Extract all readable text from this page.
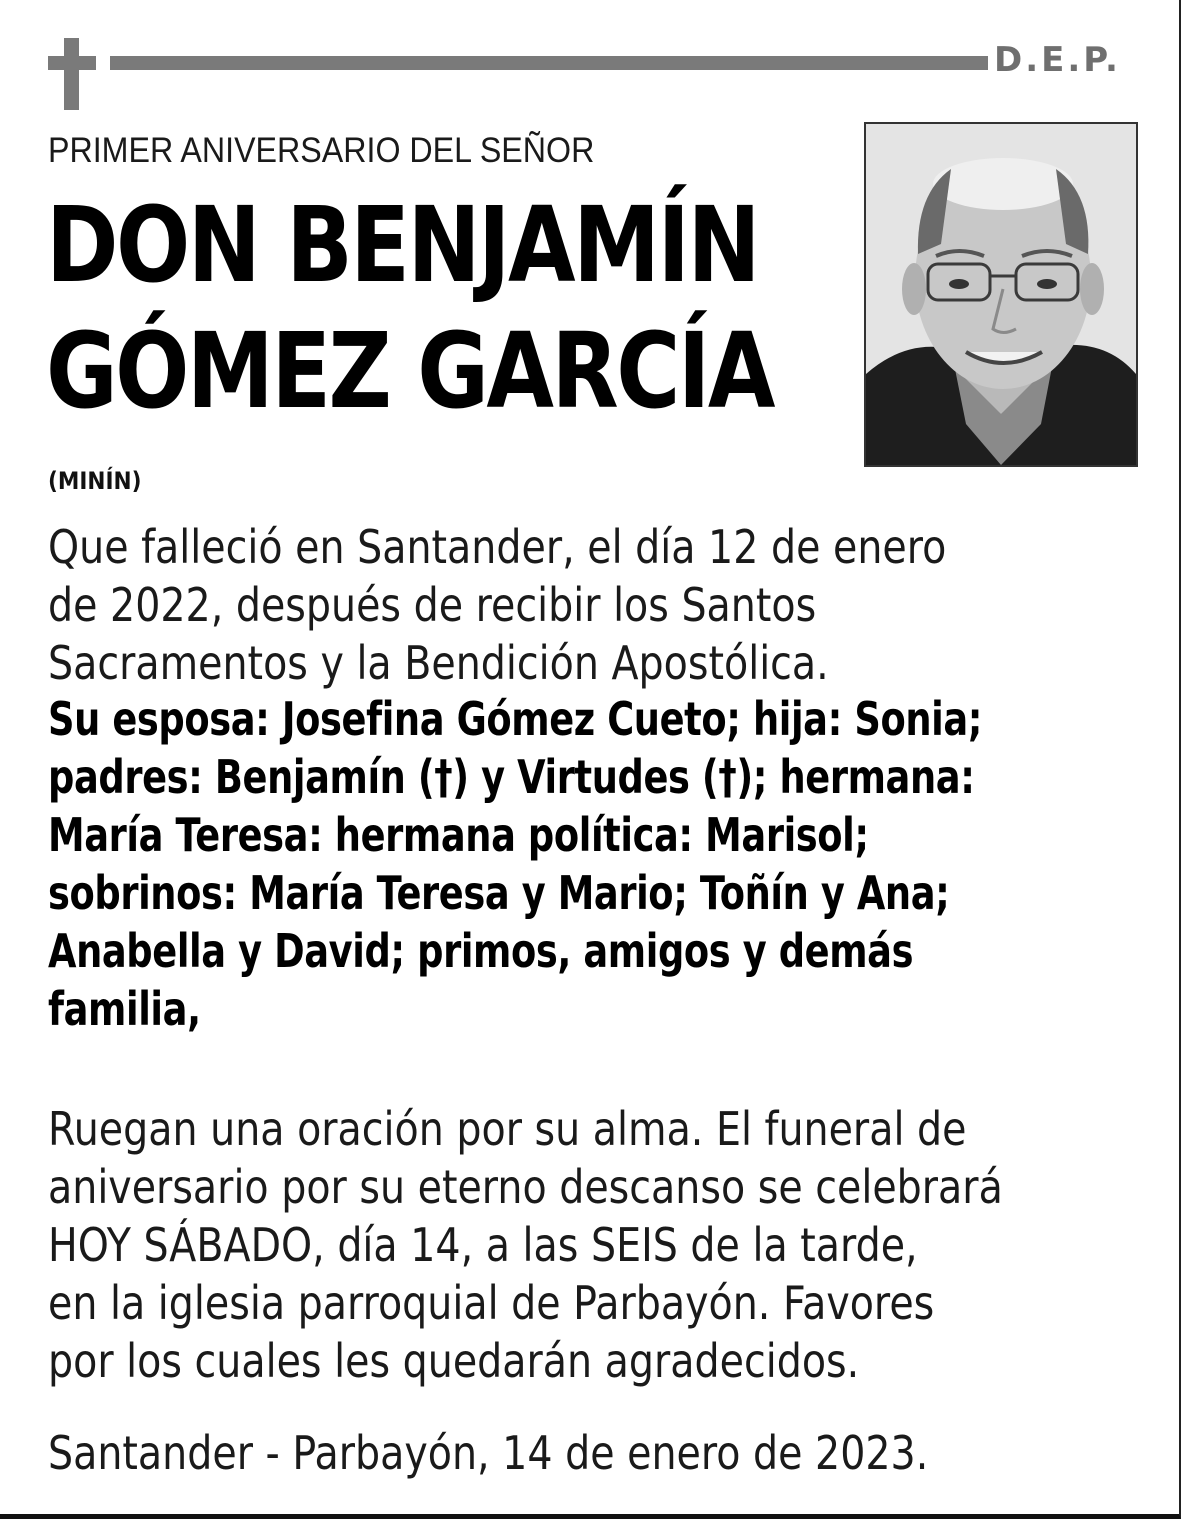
D.E.P.
PRIMER ANIVERSARIO DEL SEÑOR
DON BENJAMÍN
GÓMEZ GARCÍA
(MINÍN)
Que falleció en Santander, el día 12 de enero
de 2022, después de recibir los Santos
Sacramentos y la Bendición Apostólica.
Su esposa: Josefina Gómez Cueto; hija: Sonia;
padres: Benjamín (†) y Virtudes (†); hermana:
María Teresa: hermana política: Marisol;
sobrinos: María Teresa y Mario; Toñín y Ana;
Anabella y David; primos, amigos y demás
familia,
Ruegan una oración por su alma. El funeral de
aniversario por su eterno descanso se celebrará
HOY SÁBADO, día 14, a las SEIS de la tarde,
en la iglesia parroquial de Parbayón. Favores
por los cuales les quedarán agradecidos.
Santander - Parbayón, 14 de enero de 2023.
